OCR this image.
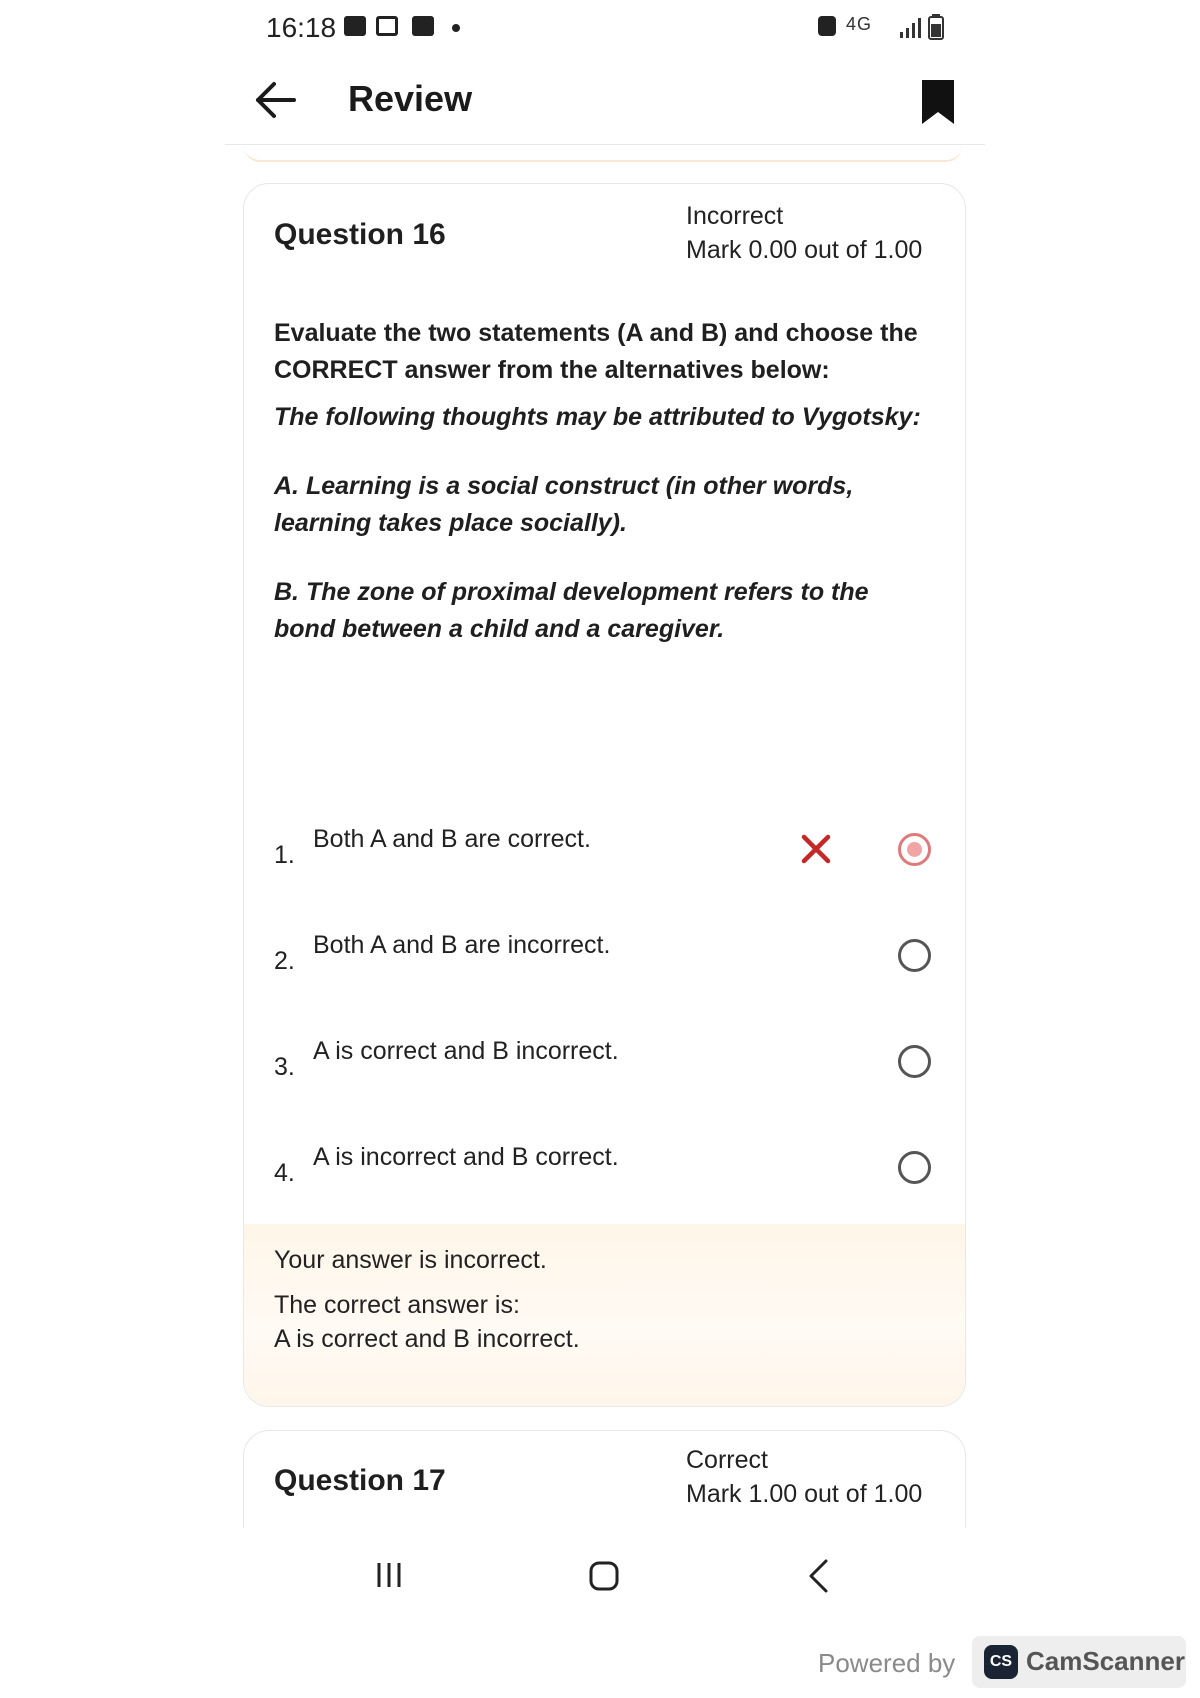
16:18	4G
Review
Question 16
Incorrect
Mark 0.00 out of 1.00
Evaluate the two statements (A and B) and choose the CORRECT answer from the alternatives below:
The following thoughts may be attributed to Vygotsky:
A. Learning is a social construct (in other words, learning takes place socially).
B. The zone of proximal development refers to the bond between a child and a caregiver.
1.
Both A and B are correct.
2.
Both A and B are incorrect.
3.
A is correct and B incorrect.
4.
A is incorrect and B correct.
Your answer is incorrect.
The correct answer is:
A is correct and B incorrect.
Question 17
Correct
Mark 1.00 out of 1.00
Powered by	CS CamScanner
